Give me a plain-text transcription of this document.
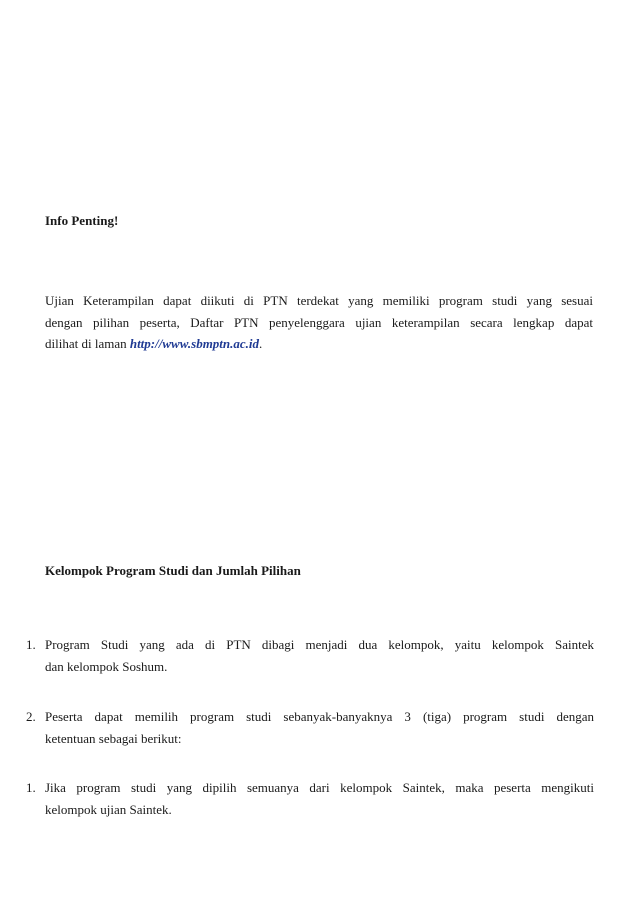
Info Penting!
Ujian Keterampilan dapat diikuti di PTN terdekat yang memiliki program studi yang sesuai
dengan pilihan peserta, Daftar PTN penyelenggara ujian keterampilan secara lengkap dapat
dilihat di laman http://www.sbmptn.ac.id.
Kelompok Program Studi dan Jumlah Pilihan
1. Program Studi yang ada di PTN dibagi menjadi dua kelompok, yaitu kelompok Saintek
dan kelompok Soshum.
2. Peserta dapat memilih program studi sebanyak-banyaknya 3 (tiga) program studi dengan
ketentuan sebagai berikut:
1. Jika program studi yang dipilih semuanya dari kelompok Saintek, maka peserta mengikuti
kelompok ujian Saintek.
